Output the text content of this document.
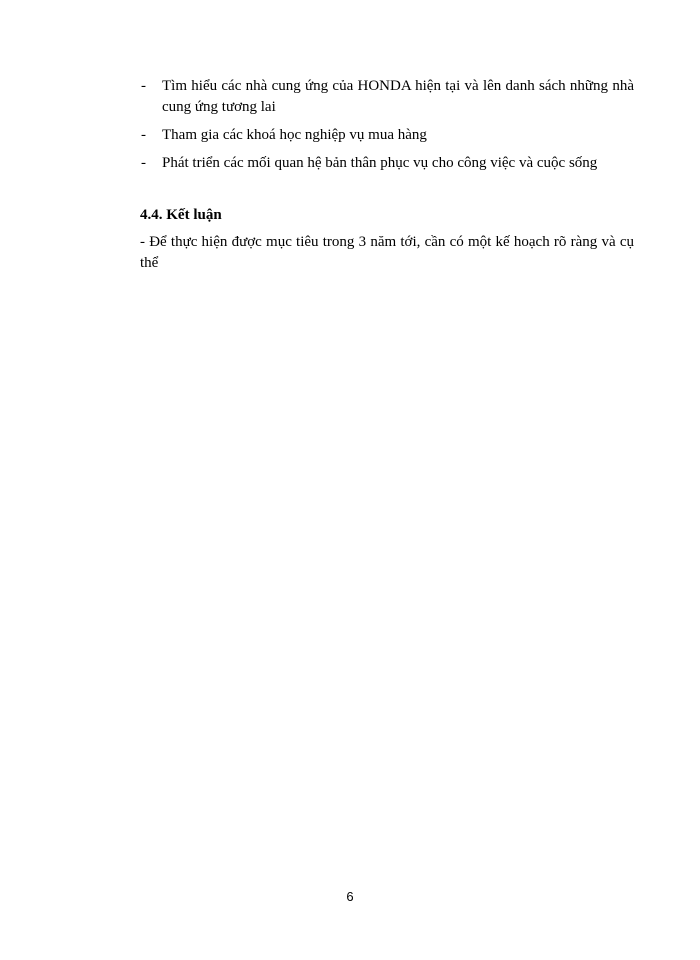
-	Tìm hiểu các nhà cung ứng của HONDA hiện tại và lên danh sách những nhà cung ứng tương lai
-	Tham gia các khoá học nghiệp vụ mua hàng
-	Phát triển các mối quan hệ bản thân phục vụ cho công việc và cuộc sống
4.4. Kết luận

- Để thực hiện được mục tiêu trong 3 năm tới, cần có một kế hoạch rõ ràng và cụ thể

6
